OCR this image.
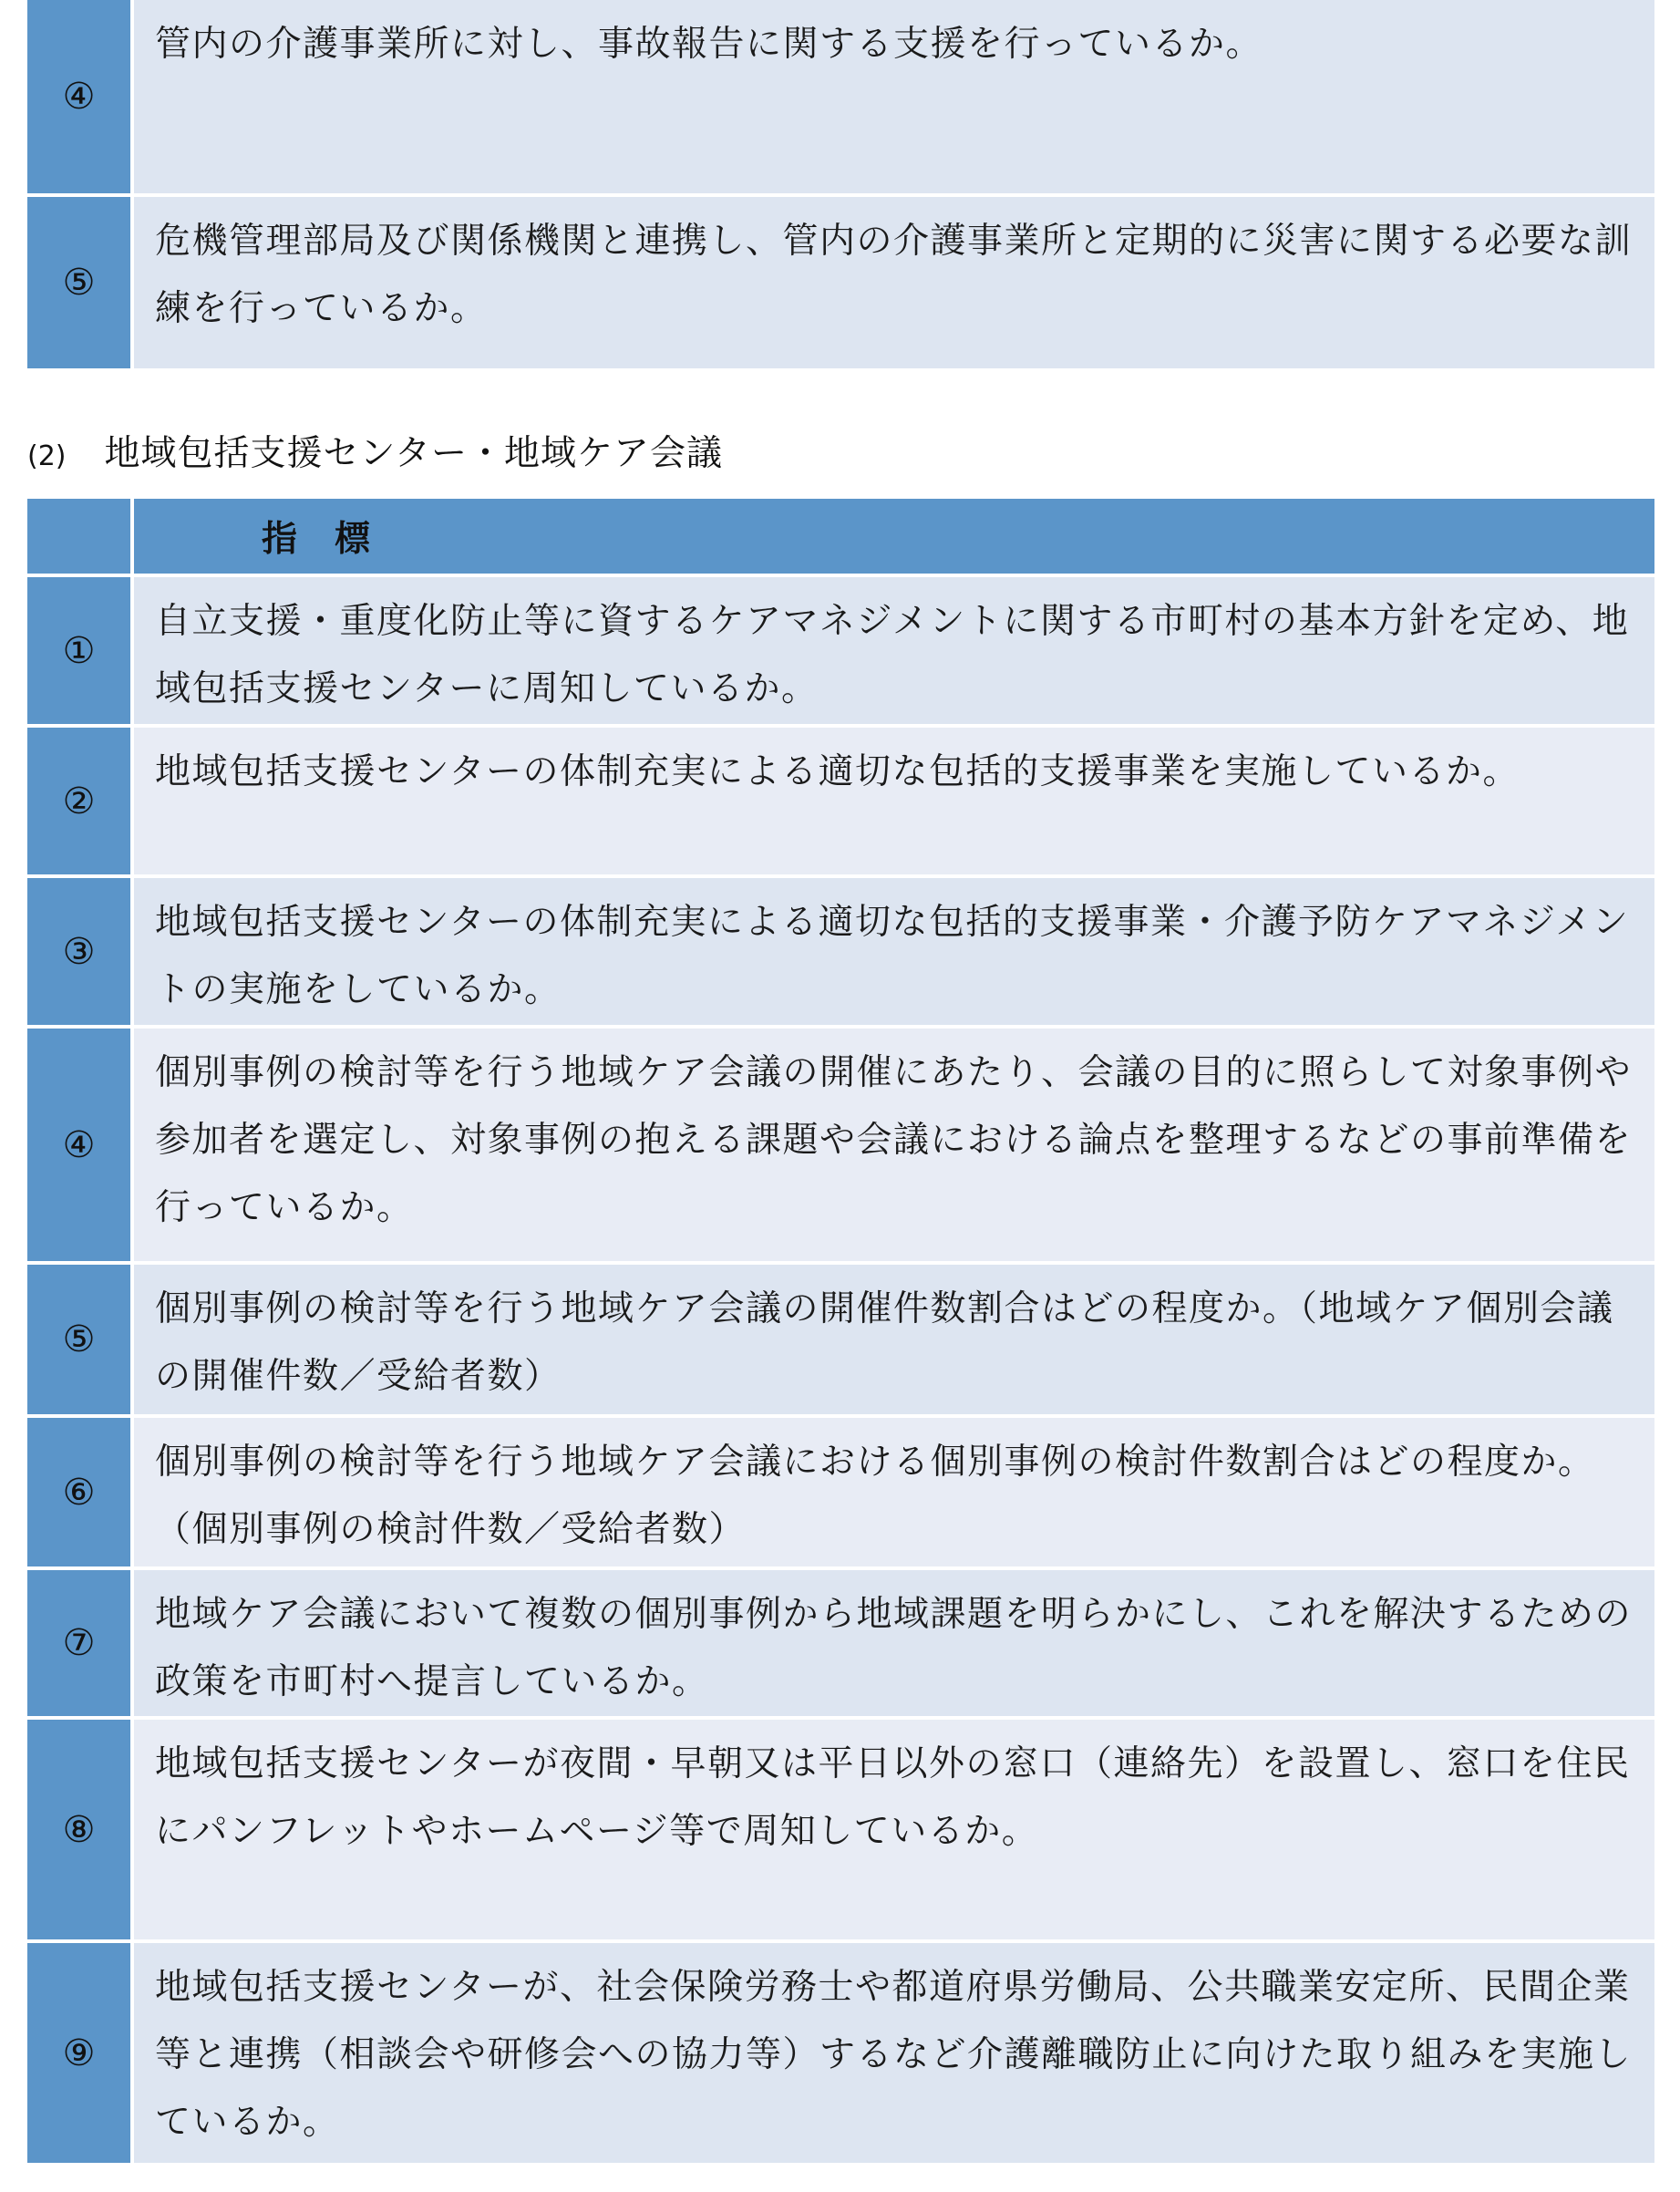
④	管内の介護事業所に対し、事故報告に関する支援を行っているか。
⑤	危機管理部局及び関係機関と連携し、管内の介護事業所と定期的に災害に関する必要な訓練を行っているか。
(2) 地域包括支援センター・地域ケア会議
	指　標
①	自立支援・重度化防止等に資するケアマネジメントに関する市町村の基本方針を定め、地域包括支援センターに周知しているか。
②	地域包括支援センターの体制充実による適切な包括的支援事業を実施しているか。
③	地域包括支援センターの体制充実による適切な包括的支援事業・介護予防ケアマネジメントの実施をしているか。
④	個別事例の検討等を行う地域ケア会議の開催にあたり、会議の目的に照らして対象事例や参加者を選定し、対象事例の抱える課題や会議における論点を整理するなどの事前準備を行っているか。
⑤	個別事例の検討等を行う地域ケア会議の開催件数割合はどの程度か。（地域ケア個別会議の開催件数／受給者数）
⑥	個別事例の検討等を行う地域ケア会議における個別事例の検討件数割合はどの程度か。（個別事例の検討件数／受給者数）
⑦	地域ケア会議において複数の個別事例から地域課題を明らかにし、これを解決するための政策を市町村へ提言しているか。
⑧	地域包括支援センターが夜間・早朝又は平日以外の窓口（連絡先）を設置し、窓口を住民にパンフレットやホームページ等で周知しているか。
⑨	地域包括支援センターが、社会保険労務士や都道府県労働局、公共職業安定所、民間企業等と連携（相談会や研修会への協力等）するなど介護離職防止に向けた取り組みを実施しているか。
